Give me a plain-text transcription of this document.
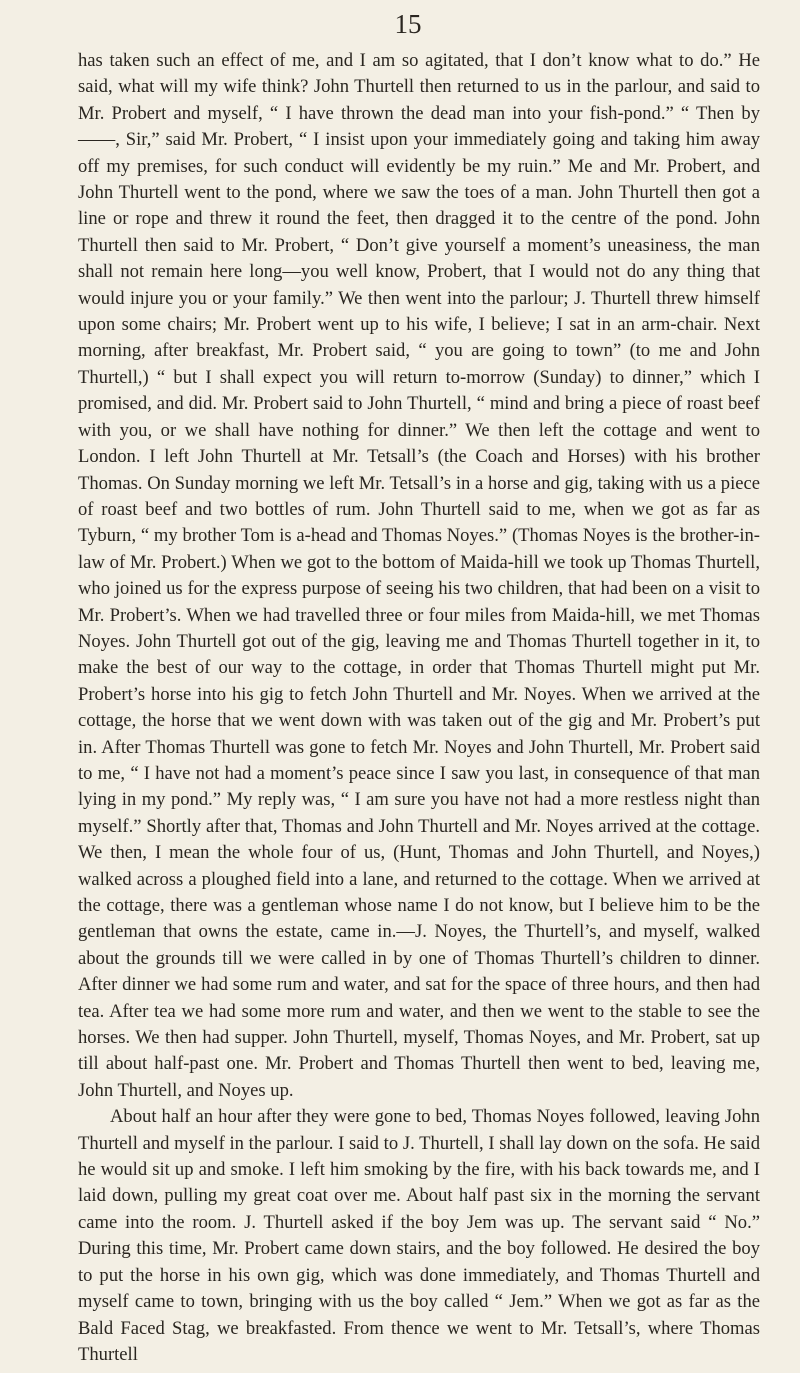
15

has taken such an effect of me, and I am so agitated, that I don’t know what to do.” He said, what will my wife think? John Thurtell then returned to us in the parlour, and said to Mr. Probert and myself, “ I have thrown the dead man into your fish-pond.” “ Then by ——, Sir,” said Mr. Probert, “ I insist upon your immediately going and taking him away off my premises, for such conduct will evidently be my ruin.” Me and Mr. Probert, and John Thurtell went to the pond, where we saw the toes of a man. John Thurtell then got a line or rope and threw it round the feet, then dragged it to the centre of the pond. John Thurtell then said to Mr. Probert, “ Don’t give yourself a moment’s uneasiness, the man shall not remain here long—you well know, Probert, that I would not do any thing that would injure you or your family.” We then went into the parlour; J. Thurtell threw himself upon some chairs; Mr. Probert went up to his wife, I believe; I sat in an arm-chair. Next morning, after breakfast, Mr. Probert said, “ you are going to town” (to me and John Thurtell,) “ but I shall expect you will return to-morrow (Sunday) to dinner,” which I promised, and did. Mr. Probert said to John Thurtell, “ mind and bring a piece of roast beef with you, or we shall have nothing for dinner.” We then left the cottage and went to London. I left John Thurtell at Mr. Tetsall’s (the Coach and Horses) with his brother Thomas. On Sunday morning we left Mr. Tetsall’s in a horse and gig, taking with us a piece of roast beef and two bottles of rum. John Thurtell said to me, when we got as far as Tyburn, “ my brother Tom is a-head and Thomas Noyes.” (Thomas Noyes is the brother-in-law of Mr. Probert.) When we got to the bottom of Maida-hill we took up Thomas Thurtell, who joined us for the express purpose of seeing his two children, that had been on a visit to Mr. Probert’s. When we had travelled three or four miles from Maida-hill, we met Thomas Noyes. John Thurtell got out of the gig, leaving me and Thomas Thurtell together in it, to make the best of our way to the cottage, in order that Thomas Thurtell might put Mr. Probert’s horse into his gig to fetch John Thurtell and Mr. Noyes. When we arrived at the cottage, the horse that we went down with was taken out of the gig and Mr. Probert’s put in. After Thomas Thurtell was gone to fetch Mr. Noyes and John Thurtell, Mr. Probert said to me, “ I have not had a moment’s peace since I saw you last, in consequence of that man lying in my pond.” My reply was, “ I am sure you have not had a more restless night than myself.” Shortly after that, Thomas and John Thurtell and Mr. Noyes arrived at the cottage. We then, I mean the whole four of us, (Hunt, Thomas and John Thurtell, and Noyes,) walked across a ploughed field into a lane, and returned to the cottage. When we arrived at the cottage, there was a gentleman whose name I do not know, but I believe him to be the gentleman that owns the estate, came in.—J. Noyes, the Thurtell’s, and myself, walked about the grounds till we were called in by one of Thomas Thurtell’s children to dinner. After dinner we had some rum and water, and sat for the space of three hours, and then had tea. After tea we had some more rum and water, and then we went to the stable to see the horses. We then had supper. John Thurtell, myself, Thomas Noyes, and Mr. Probert, sat up till about half-past one. Mr. Probert and Thomas Thurtell then went to bed, leaving me, John Thurtell, and Noyes up.

About half an hour after they were gone to bed, Thomas Noyes followed, leaving John Thurtell and myself in the parlour. I said to J. Thurtell, I shall lay down on the sofa. He said he would sit up and smoke. I left him smoking by the fire, with his back towards me, and I laid down, pulling my great coat over me. About half past six in the morning the servant came into the room. J. Thurtell asked if the boy Jem was up. The servant said “ No.” During this time, Mr. Probert came down stairs, and the boy followed. He desired the boy to put the horse in his own gig, which was done immediately, and Thomas Thurtell and myself came to town, bringing with us the boy called “ Jem.” When we got as far as the Bald Faced Stag, we breakfasted. From thence we went to Mr. Tetsall’s, where Thomas Thurtell
